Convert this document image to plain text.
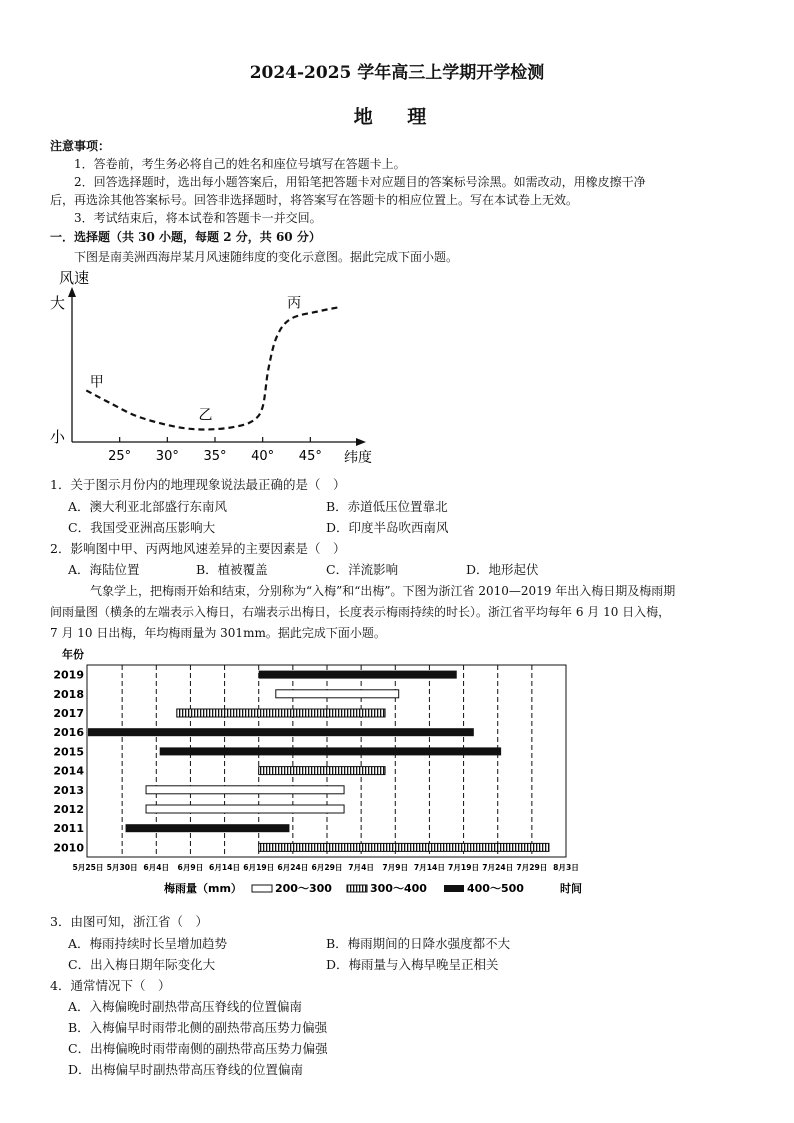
2024-2025 学年高三上学期开学检测
地 理
注意事项：
1．答卷前，考生务必将自己的姓名和座位号填写在答题卡上。
2．回答选择题时，选出每小题答案后，用铅笔把答题卡对应题目的答案标号涂黑。如需改动，用橡皮擦干净
后，再选涂其他答案标号。回答非选择题时，将答案写在答题卡的相应位置上。写在本试卷上无效。
3．考试结束后，将本试卷和答题卡一并交回。
一．选择题（共 30 小题，每题 2 分，共 60 分）
下图是南美洲西海岸某月风速随纬度的变化示意图。据此完成下面小题。
风速
大
小
25° 30° 35° 40° 45° 纬度
甲
乙
丙
1．关于图示月份内的地理现象说法最正确的是（　）
A．澳大利亚北部盛行东南风	B．赤道低压位置靠北
C．我国受亚洲高压影响大	D．印度半岛吹西南风
2．影响图中甲、丙两地风速差异的主要因素是（　）
A．海陆位置	B．植被覆盖	C．洋流影响	D．地形起伏
气象学上，把梅雨开始和结束，分别称为“入梅”和“出梅”。下图为浙江省 2010—2019 年出入梅日期及梅雨期
间雨量图（横条的左端表示入梅日，右端表示出梅日，长度表示梅雨持续的时长）。浙江省平均每年 6 月 10 日入梅，
7 月 10 日出梅，年均梅雨量为 301mm。据此完成下面小题。
年份
2019
2018
2017
2016
2015
2014
2013
2012
2011
2010
5月25日 5月30日 6月4日 6月9日 6月14日 6月19日 6月24日 6月29日 7月4日 7月9日 7月14日 7月19日 7月24日 7月29日 8月3日
梅雨量（mm）	200～300	300～400	400～500	时间
3．由图可知，浙江省（　）
A．梅雨持续时长呈增加趋势	B．梅雨期间的日降水强度都不大
C．出入梅日期年际变化大	D．梅雨量与入梅早晚呈正相关
4．通常情况下（　）
A．入梅偏晚时副热带高压脊线的位置偏南
B．入梅偏早时雨带北侧的副热带高压势力偏强
C．出梅偏晚时雨带南侧的副热带高压势力偏强
D．出梅偏早时副热带高压脊线的位置偏南
